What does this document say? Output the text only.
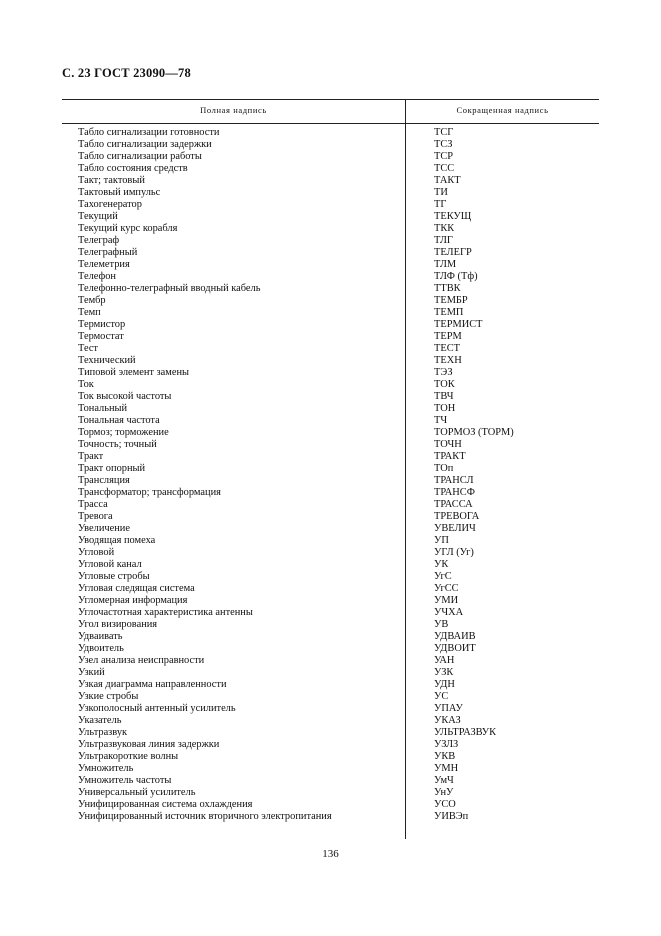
С. 23 ГОСТ 23090—78
Полная надпись	Сокращенная надпись
Табло сигнализации готовности	ТСГ
Табло сигнализации задержки	ТСЗ
Табло сигнализации работы	ТСР
Табло состояния средств	ТСС
Такт; тактовый	ТАКТ
Тактовый импульс	ТИ
Тахогенератор	ТГ
Текущий	ТЕКУЩ
Текущий курс корабля	ТКК
Телеграф	ТЛГ
Телеграфный	ТЕЛЕГР
Телеметрия	ТЛМ
Телефон	ТЛФ (Тф)
Телефонно-телеграфный вводный кабель	ТТВК
Тембр	ТЕМБР
Темп	ТЕМП
Термистор	ТЕРМИСТ
Термостат	ТЕРМ
Тест	ТЕСТ
Технический	ТЕХН
Типовой элемент замены	ТЭЗ
Ток	ТОК
Ток высокой частоты	ТВЧ
Тональный	ТОН
Тональная частота	ТЧ
Тормоз; торможение	ТОРМОЗ (ТОРМ)
Точность; точный	ТОЧН
Тракт	ТРАКТ
Тракт опорный	ТОп
Трансляция	ТРАНСЛ
Трансформатор; трансформация	ТРАНСФ
Трасса	ТРАССА
Тревога	ТРЕВОГА
Увеличение	УВЕЛИЧ
Уводящая помеха	УП
Угловой	УГЛ (Уг)
Угловой канал	УК
Угловые стробы	УгС
Угловая следящая система	УгСС
Угломерная информация	УМИ
Углочастотная характеристика антенны	УЧХА
Угол визирования	УВ
Удваивать	УДВАИВ
Удвоитель	УДВОИТ
Узел анализа неисправности	УАН
Узкий	УЗК
Узкая диаграмма направленности	УДН
Узкие стробы	УС
Узкополосный антенный усилитель	УПАУ
Указатель	УКАЗ
Ультразвук	УЛЬТРАЗВУК
Ультразвуковая линия задержки	УЗЛЗ
Ультракороткие волны	УКВ
Умножитель	УМН
Умножитель частоты	УмЧ
Универсальный усилитель	УнУ
Унифицированная система охлаждения	УСО
Унифицированный источник вторичного электропитания	УИВЭп
136
